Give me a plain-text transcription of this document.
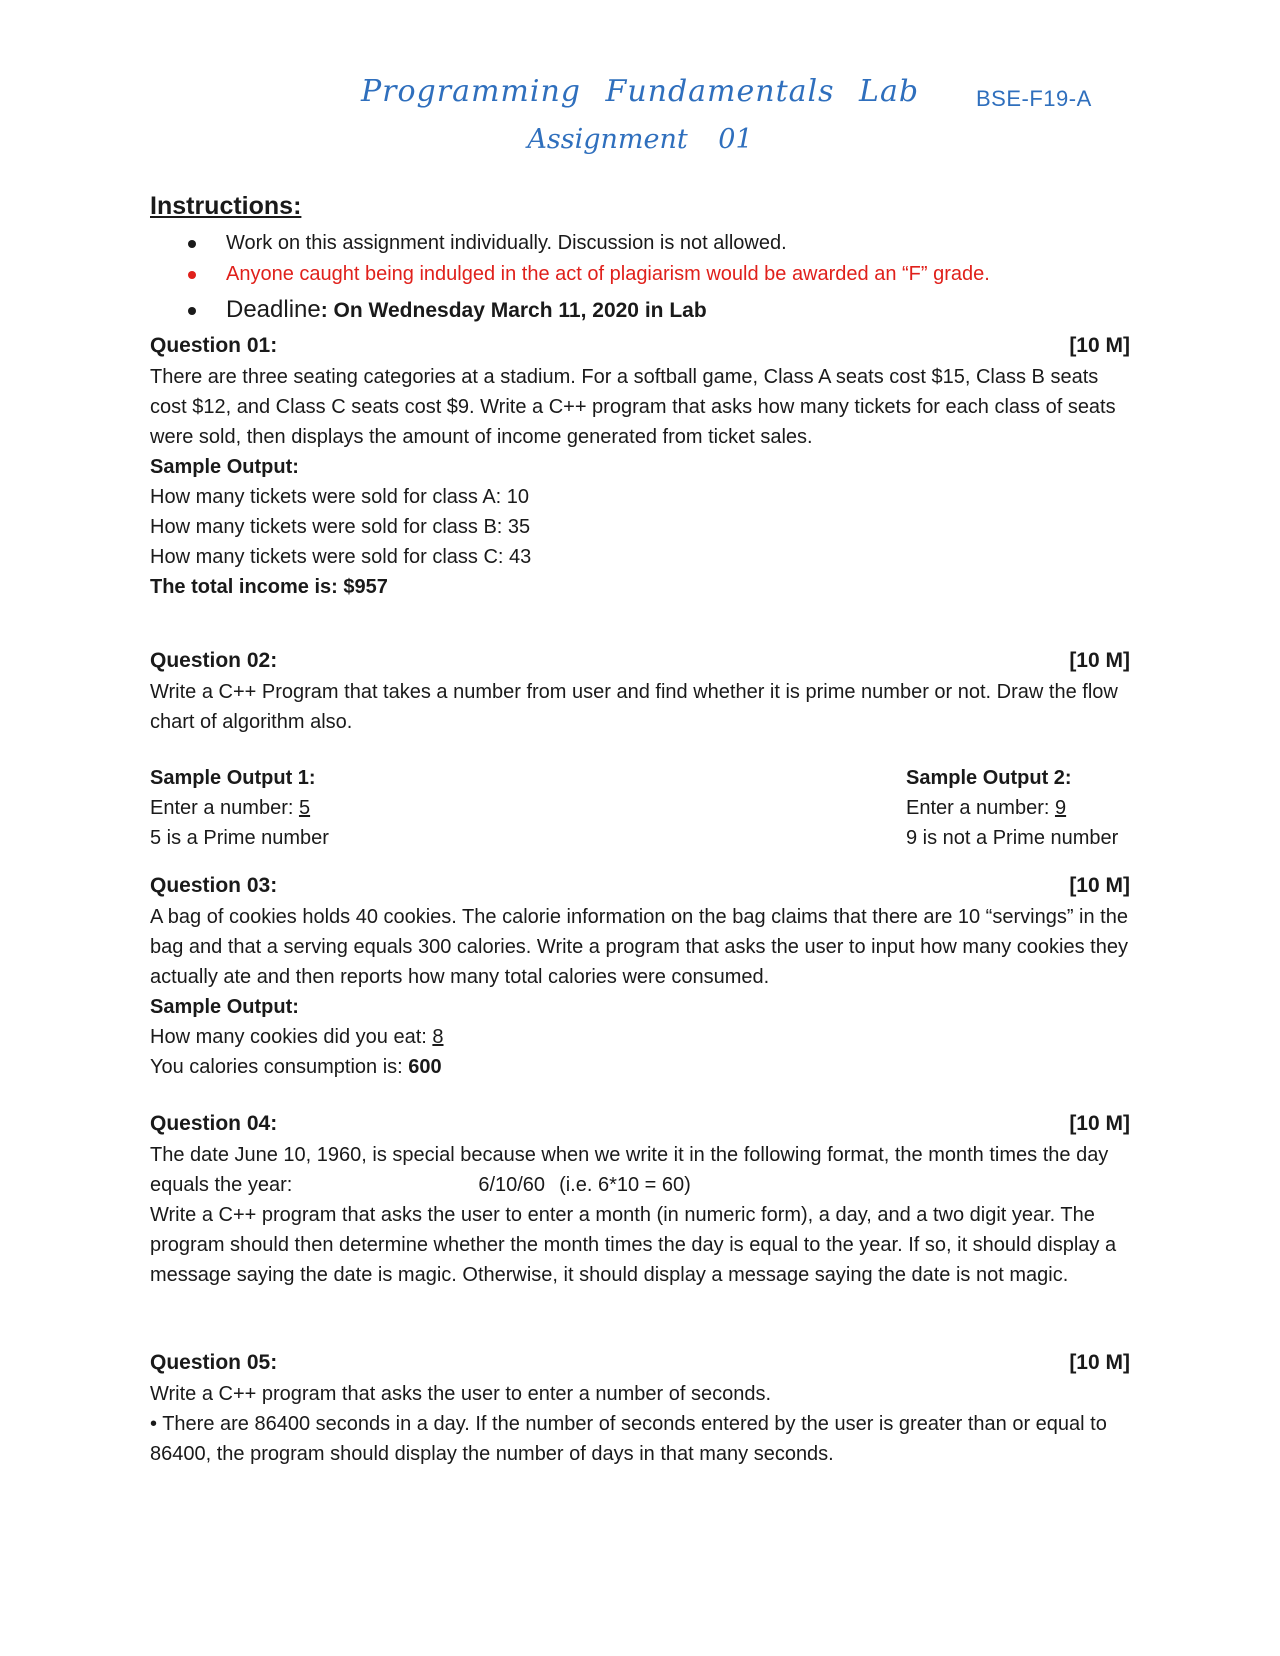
Programming Fundamentals Lab
Assignment 01
BSE-F19-A
Instructions:
Work on this assignment individually. Discussion is not allowed.
Anyone caught being indulged in the act of plagiarism would be awarded an “F” grade.
Deadline: On Wednesday March 11, 2020 in Lab
Question 01:	[10 M]

There are three seating categories at a stadium. For a softball game, Class A seats cost $15, Class B seats cost $12, and Class C seats cost $9. Write a C++ program that asks how many tickets for each class of seats were sold, then displays the amount of income generated from ticket sales.

Sample Output:
How many tickets were sold for class A: 10
How many tickets were sold for class B: 35
How many tickets were sold for class C: 43
The total income is: $957
Question 02:	[10 M]

Write a C++ Program that takes a number from user and find whether it is prime number or not. Draw the flow chart of algorithm also.

Sample Output 1:
Enter a number: 5
5 is a Prime number
Sample Output 2:
Enter a number: 9
9 is not a Prime number
Question 03:	[10 M]

A bag of cookies holds 40 cookies. The calorie information on the bag claims that there are 10 “servings” in the bag and that a serving equals 300 calories. Write a program that asks the user to input how many cookies they actually ate and then reports how many total calories were consumed.

Sample Output:
How many cookies did you eat: 8
You calories consumption is: 600
Question 04:	[10 M]

The date June 10, 1960, is special because when we write it in the following format, the month times the day equals the year:	6/10/60 (i.e. 6*10 = 60)

Write a C++ program that asks the user to enter a month (in numeric form), a day, and a two digit year. The program should then determine whether the month times the day is equal to the year. If so, it should display a message saying the date is magic. Otherwise, it should display a message saying the date is not magic.

Question 05:	[10 M]

Write a C++ program that asks the user to enter a number of seconds.

• There are 86400 seconds in a day. If the number of seconds entered by the user is greater than or equal to 86400, the program should display the number of days in that many seconds.
